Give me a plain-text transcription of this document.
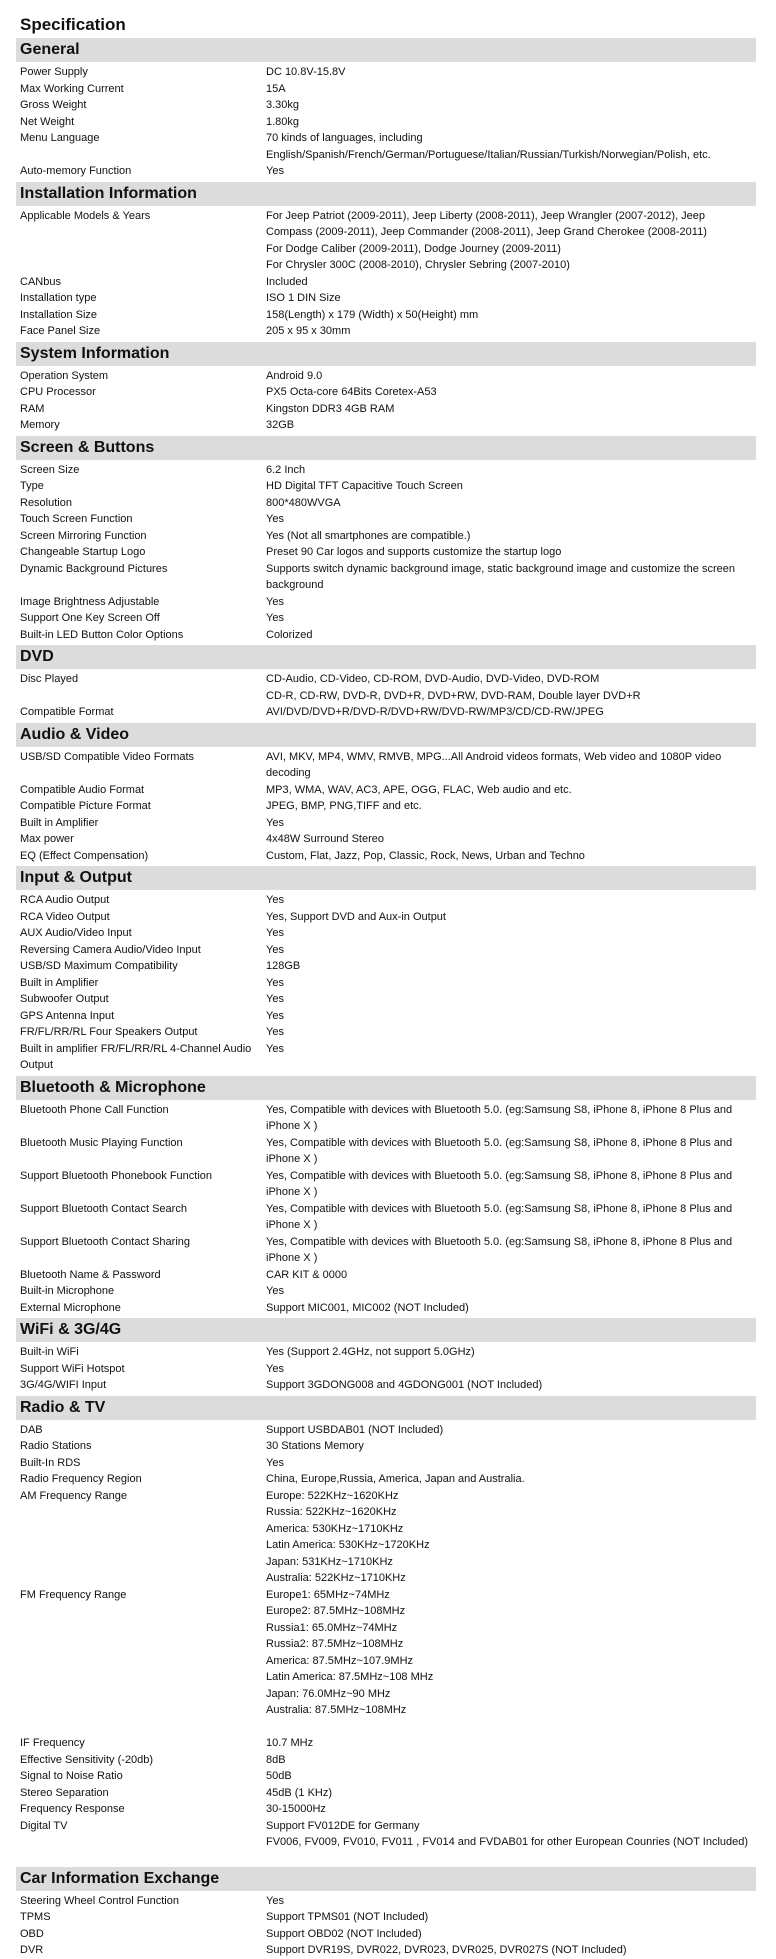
Specification
General
Power Supply	DC 10.8V-15.8V
Max Working Current	15A
Gross Weight	3.30kg
Net Weight	1.80kg
Menu Language	70 kinds of languages, including
English/Spanish/French/German/Portuguese/Italian/Russian/Turkish/Norwegian/Polish, etc.
Auto-memory Function	Yes
Installation Information
Applicable Models & Years	For Jeep Patriot (2009-2011), Jeep Liberty (2008-2011), Jeep Wrangler (2007-2012), Jeep
Compass (2009-2011), Jeep Commander (2008-2011), Jeep Grand Cherokee (2008-2011)
For Dodge Caliber (2009-2011), Dodge Journey (2009-2011)
For Chrysler 300C (2008-2010), Chrysler Sebring (2007-2010)
CANbus	Included
Installation type	ISO 1 DIN Size
Installation Size	158(Length) x 179 (Width) x 50(Height) mm
Face Panel Size	205 x 95 x 30mm
System Information
Operation System	Android 9.0
CPU Processor	PX5 Octa-core 64Bits Coretex-A53
RAM	Kingston DDR3 4GB RAM
Memory	32GB
Screen & Buttons
Screen Size	6.2 Inch
Type	HD Digital TFT Capacitive Touch Screen
Resolution	800*480WVGA
Touch Screen Function	Yes
Screen Mirroring Function	Yes (Not all smartphones are compatible.)
Changeable Startup Logo	Preset 90 Car logos and supports customize the startup logo
Dynamic Background Pictures	Supports switch dynamic background image, static background image and customize the screen
background
Image Brightness Adjustable	Yes
Support One Key Screen Off	Yes
Built-in LED Button Color Options	Colorized
DVD
Disc Played	CD-Audio, CD-Video, CD-ROM, DVD-Audio, DVD-Video, DVD-ROM
CD-R, CD-RW, DVD-R, DVD+R, DVD+RW, DVD-RAM, Double layer DVD+R
Compatible Format	AVI/DVD/DVD+R/DVD-R/DVD+RW/DVD-RW/MP3/CD/CD-RW/JPEG
Audio & Video
USB/SD Compatible Video Formats	AVI, MKV, MP4, WMV, RMVB, MPG...All Android videos formats, Web video and 1080P video
decoding
Compatible Audio Format	MP3, WMA, WAV, AC3, APE, OGG, FLAC, Web audio and etc.
Compatible Picture Format	JPEG, BMP, PNG,TIFF and etc.
Built in Amplifier	Yes
Max power	4x48W Surround Stereo
EQ (Effect Compensation)	Custom, Flat, Jazz, Pop, Classic, Rock, News, Urban and Techno
Input & Output
RCA Audio Output	Yes
RCA Video Output	Yes, Support DVD and Aux-in Output
AUX Audio/Video Input	Yes
Reversing Camera Audio/Video Input	Yes
USB/SD Maximum Compatibility	128GB
Built in Amplifier	Yes
Subwoofer Output	Yes
GPS Antenna Input	Yes
FR/FL/RR/RL Four Speakers Output	Yes
Built in amplifier FR/FL/RR/RL 4-Channel Audio Output
Yes
Bluetooth & Microphone
Bluetooth Phone Call Function	Yes, Compatible with devices with Bluetooth 5.0. (eg:Samsung S8, iPhone 8, iPhone 8 Plus and
iPhone X )
Bluetooth Music Playing Function	Yes, Compatible with devices with Bluetooth 5.0. (eg:Samsung S8, iPhone 8, iPhone 8 Plus and
iPhone X )
Support Bluetooth Phonebook Function	Yes, Compatible with devices with Bluetooth 5.0. (eg:Samsung S8, iPhone 8, iPhone 8 Plus and
iPhone X )
Support Bluetooth Contact Search	Yes, Compatible with devices with Bluetooth 5.0. (eg:Samsung S8, iPhone 8, iPhone 8 Plus and
iPhone X )
Support Bluetooth Contact Sharing	Yes, Compatible with devices with Bluetooth 5.0. (eg:Samsung S8, iPhone 8, iPhone 8 Plus and
iPhone X )
Bluetooth Name & Password	CAR KIT & 0000
Built-in Microphone	Yes
External Microphone	Support MIC001, MIC002 (NOT Included)
WiFi & 3G/4G
Built-in WiFi	Yes (Support 2.4GHz, not support 5.0GHz)
Support WiFi Hotspot	Yes
3G/4G/WIFI Input	Support 3GDONG008 and 4GDONG001 (NOT Included)
Radio & TV
DAB	Support USBDAB01 (NOT Included)
Radio Stations	30 Stations Memory
Built-In RDS	Yes
Radio Frequency Region	China, Europe,Russia, America, Japan and Australia.
AM Frequency Range	Europe: 522KHz~1620KHz
Russia: 522KHz~1620KHz
America: 530KHz~1710KHz
Latin America: 530KHz~1720KHz
Japan: 531KHz~1710KHz
Australia: 522KHz~1710KHz
FM Frequency Range	Europe1: 65MHz~74MHz
Europe2: 87.5MHz~108MHz
Russia1: 65.0MHz~74MHz
Russia2: 87.5MHz~108MHz
America: 87.5MHz~107.9MHz
Latin America: 87.5MHz~108 MHz
Japan: 76.0MHz~90 MHz
Australia: 87.5MHz~108MHz

IF Frequency	10.7 MHz
Effective Sensitivity (-20db)	8dB
Signal to Noise Ratio	50dB
Stereo Separation	45dB (1 KHz)
Frequency Response	30-15000Hz
Digital TV	Support FV012DE for Germany
FV006, FV009, FV010, FV011 , FV014 and FVDAB01 for other European Counries (NOT Included)
Car Information Exchange
Steering Wheel Control Function	Yes
TPMS	Support TPMS01 (NOT Included)
OBD	Support OBD02 (NOT Included)
DVR	Support DVR19S, DVR022, DVR023, DVR025, DVR027S (NOT Included)
